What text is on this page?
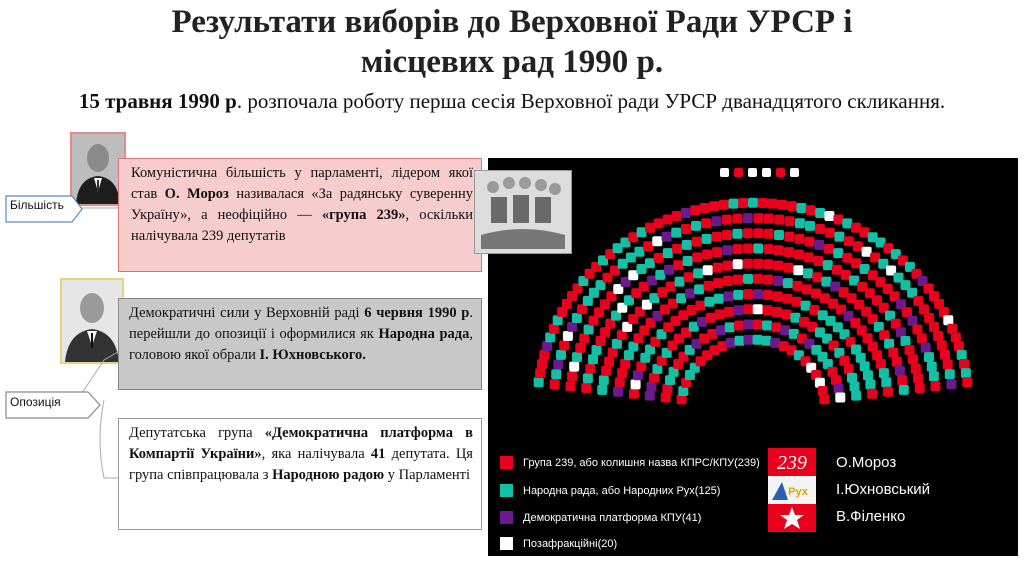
Результати виборів до Верховної Ради УРСР і
місцевих рад 1990 р.
15 травня 1990 р. розпочала роботу перша сесія Верховної ради УРСР дванадцятого скликання.
Більшість
Опозиція
Комуністична більшість у парламенті, лідером якої став О. Мороз називалася «За радянську суверенну Україну», а неофіційно — «група 239», оскільки налічувала 239 депутатів
Демократичні сили у Верховній раді 6 червня 1990 р. перейшли до опозиції і оформилися як Народна рада, головою якої обрали І. Юхновського.
Депутатська група «Демократична платформа в Компартії України», яка налічувала 41 депутата. Ця група співпрацювала з Народною радою у Парламенті
Група 239, або колишня назва КПРС/КПУ(239)
Народна рада, або Народних Рух(125)
Демократична платформа КПУ(41)
Позафракційні(20)
239 О.Мороз
Рух І.Юхновський
В.Філенко
